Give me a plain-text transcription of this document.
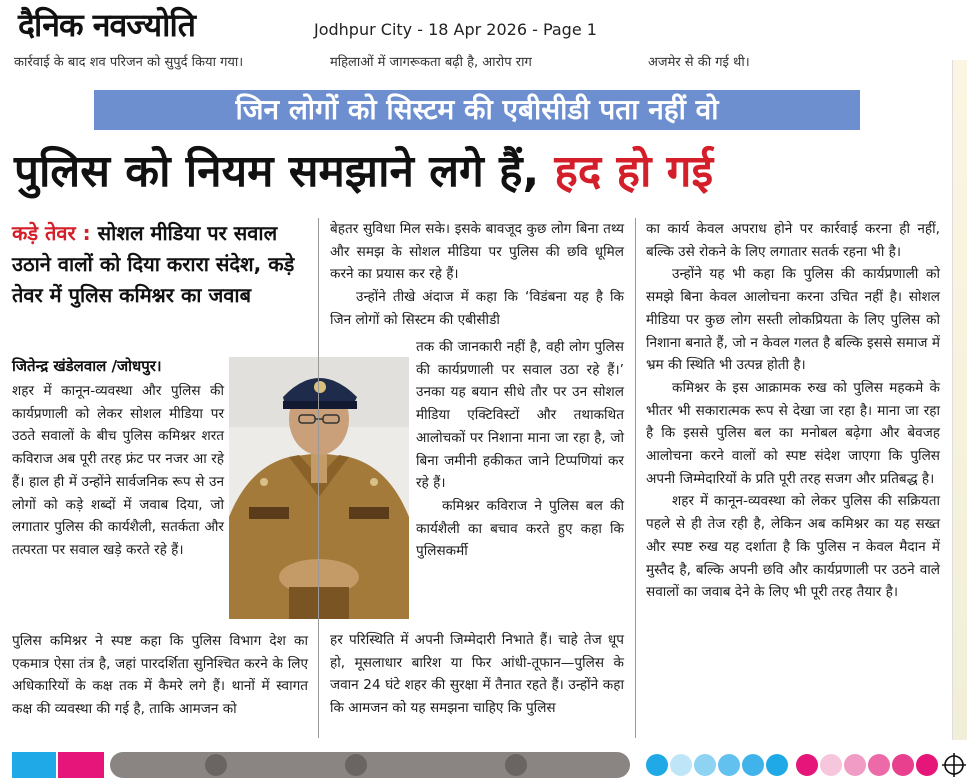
दैनिक नवज्योति	Jodhpur City - 18 Apr 2026 - Page 1
कार्रवाई के बाद शव परिजन को सुपुर्द किया गया।	महिलाओं में जागरूकता बढ़ी है, आरोप राग	अजमेर से की गई थी।
जिन लोगों को सिस्टम की एबीसीडी पता नहीं वो
पुलिस को नियम समझाने लगे हैं, हद हो गई
कड़े तेवर : सोशल मीडिया पर सवाल उठाने वालों को दिया करारा संदेश, कड़े तेवर में पुलिस कमिश्नर का जवाब
जितेन्द्र खंडेलवाल /जोधपुर।

शहर में कानून-व्यवस्था और पुलिस की कार्यप्रणाली को लेकर सोशल मीडिया पर उठते सवालों के बीच पुलिस कमिश्नर शरत कविराज अब पूरी तरह फ्रंट पर नजर आ रहे हैं। हाल ही में उन्होंने सार्वजनिक रूप से उन लोगों को कड़े शब्दों में जवाब दिया, जो लगातार पुलिस की कार्यशैली, सतर्कता और तत्परता पर सवाल खड़े करते रहे हैं।

पुलिस कमिश्नर ने स्पष्ट कहा कि पुलिस विभाग देश का एकमात्र ऐसा तंत्र है, जहां पारदर्शिता सुनिश्चित करने के लिए अधिकारियों के कक्ष तक में कैमरे लगे हैं। थानों में स्वागत कक्ष की व्यवस्था की गई है, ताकि आमजन को

बेहतर सुविधा मिल सके। इसके बावजूद कुछ लोग बिना तथ्य और समझ के सोशल मीडिया पर पुलिस की छवि धूमिल करने का प्रयास कर रहे हैं।

उन्होंने तीखे अंदाज में कहा कि ‘विडंबना यह है कि जिन लोगों को सिस्टम की एबीसीडी

तक की जानकारी नहीं है, वही लोग पुलिस की कार्यप्रणाली पर सवाल उठा रहे हैं।’ उनका यह बयान सीधे तौर पर उन सोशल मीडिया एक्टिविस्टों और तथाकथित आलोचकों पर निशाना माना जा रहा है, जो बिना जमीनी हकीकत जाने टिप्पणियां कर रहे हैं।

कमिश्नर कविराज ने पुलिस बल की कार्यशैली का बचाव करते हुए कहा कि पुलिसकर्मी

हर परिस्थिति में अपनी जिम्मेदारी निभाते हैं। चाहे तेज धूप हो, मूसलाधार बारिश या फिर आंधी-तूफान—पुलिस के जवान 24 घंटे शहर की सुरक्षा में तैनात रहते हैं। उन्होंने कहा कि आमजन को यह समझना चाहिए कि पुलिस

का कार्य केवल अपराध होने पर कार्रवाई करना ही नहीं, बल्कि उसे रोकने के लिए लगातार सतर्क रहना भी है।

उन्होंने यह भी कहा कि पुलिस की कार्यप्रणाली को समझे बिना केवल आलोचना करना उचित नहीं है। सोशल मीडिया पर कुछ लोग सस्ती लोकप्रियता के लिए पुलिस को निशाना बनाते हैं, जो न केवल गलत है बल्कि इससे समाज में भ्रम की स्थिति भी उत्पन्न होती है।

कमिश्नर के इस आक्रामक रुख को पुलिस महकमे के भीतर भी सकारात्मक रूप से देखा जा रहा है। माना जा रहा है कि इससे पुलिस बल का मनोबल बढ़ेगा और बेवजह आलोचना करने वालों को स्पष्ट संदेश जाएगा कि पुलिस अपनी जिम्मेदारियों के प्रति पूरी तरह सजग और प्रतिबद्ध है।

शहर में कानून-व्यवस्था को लेकर पुलिस की सक्रियता पहले से ही तेज रही है, लेकिन अब कमिश्नर का यह सख्त और स्पष्ट रुख यह दर्शाता है कि पुलिस न केवल मैदान में मुस्तैद है, बल्कि अपनी छवि और कार्यप्रणाली पर उठने वाले सवालों का जवाब देने के लिए भी पूरी तरह तैयार है।
